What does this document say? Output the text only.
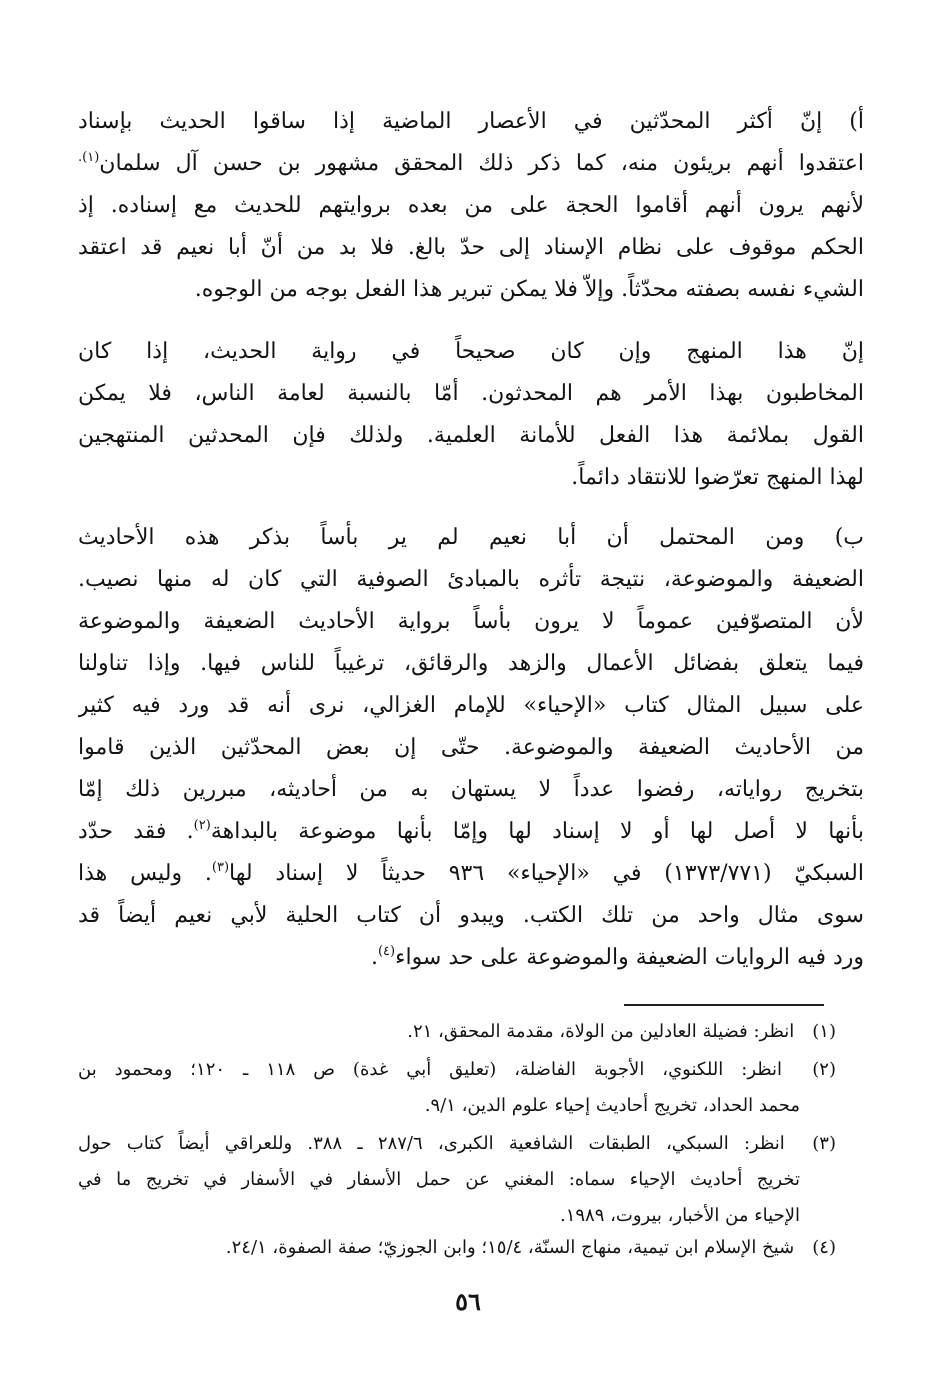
أ) إنّ أكثر المحدّثين في الأعصار الماضية إذا ساقوا الحديث بإسناد
اعتقدوا أنهم بريئون منه، كما ذكر ذلك المحقق مشهور بن حسن آل سلمان$^{(١).}$
لأنهم يرون أنهم أقاموا الحجة على من بعده بروايتهم للحديث مع إسناده. إذ
الحكم موقوف على نظام الإسناد إلى حدّ بالغ. فلا بد من أنّ أبا نعيم قد اعتقد
الشيء نفسه بصفته محدّثاً. وإلاّ فلا يمكن تبرير هذا الفعل بوجه من الوجوه.
إنّ هذا المنهج وإن كان صحيحاً في رواية الحديث، إذا كان
المخاطبون بهذا الأمر هم المحدثون. أمّا بالنسبة لعامة الناس، فلا يمكن
القول بملائمة هذا الفعل للأمانة العلمية. ولذلك فإن المحدثين المنتهجين
لهذا المنهج تعرّضوا للانتقاد دائماً.
ب) ومن المحتمل أن أبا نعيم لم ير بأساً بذكر هذه الأحاديث
الضعيفة والموضوعة، نتيجة تأثره بالمبادئ الصوفية التي كان له منها نصيب.
لأن المتصوّفين عموماً لا يرون بأساً برواية الأحاديث الضعيفة والموضوعة
فيما يتعلق بفضائل الأعمال والزهد والرقائق، ترغيباً للناس فيها. وإذا تناولنا
على سبيل المثال كتاب «الإحياء» للإمام الغزالي، نرى أنه قد ورد فيه كثير
من الأحاديث الضعيفة والموضوعة. حتّى إن بعض المحدّثين الذين قاموا
بتخريج رواياته، رفضوا عدداً لا يستهان به من أحاديثه، مبررين ذلك إمّا
بأنها لا أصل لها أو لا إسناد لها وإمّا بأنها موضوعة بالبداهة$^{(٢)}$. فقد حدّد
السبكيّ (١٣٧٣/٧٧١) في «الإحياء» ٩٣٦ حديثاً لا إسناد لها$^{(٣)}$. وليس هذا
سوى مثال واحد من تلك الكتب. ويبدو أن كتاب الحلية لأبي نعيم أيضاً قد
ورد فيه الروايات الضعيفة والموضوعة على حد سواء$^{(٤)}$.
(١) انظر: فضيلة العادلين من الولاة، مقدمة المحقق، ٢١.
(٢) انظر: اللكنوي، الأجوبة الفاضلة، (تعليق أبي غدة) ص ١١٨ ـ ١٢٠؛ ومحمود بن
محمد الحداد، تخريج أحاديث إحياء علوم الدين، ٩/١.
(٣) انظر: السبكي، الطبقات الشافعية الكبرى، ٢٨٧/٦ ـ ٣٨٨. وللعراقي أيضاً كتاب حول
تخريج أحاديث الإحياء سماه: المغني عن حمل الأسفار في الأسفار في تخريج ما في
الإحياء من الأخبار، بيروت، ١٩٨٩.
(٤) شيخ الإسلام ابن تيمية، منهاج السنّة، ١٥/٤؛ وابن الجوزيّ؛ صفة الصفوة، ٢٤/١.
٥٦
